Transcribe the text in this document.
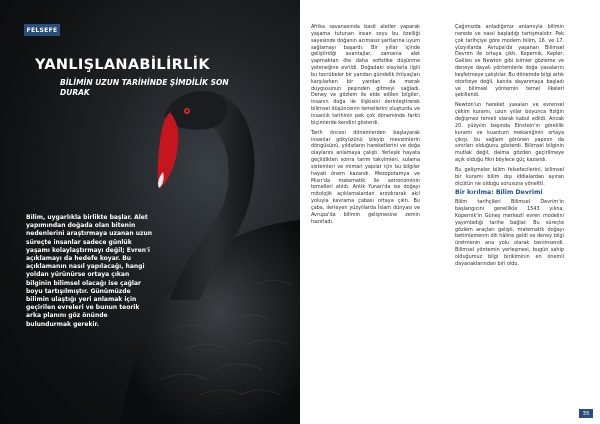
FELSEFE
YANLIŞLANABİLİRLİK
BİLİMİN UZUN TARİHİNDE ŞİMDİLİK SON DURAK
Bilim, uygarlıkla birlikte başlar. Alet yapımından doğada olan bitenin nedenlerini araştırmaya uzanan uzun süreçte insanlar sadece günlük yaşamı kolaylaştırmayı değil; Evren'i açıklamayı da hedefe koyar. Bu açıklamanın nasıl yapılacağı, hangi yoldan yürünürse ortaya çıkan bilginin bilimsel olacağı ise çağlar boyu tartışılmıştır. Günümüzde bilimin ulaştığı yeri anlamak için geçirilen evreleri ve bunun teorik arka planını göz önünde bulundurmak gerekir.

Afrika savanasında basit aletler yaparak yaşama tutunan insan soyu bu özelliği sayesinde doğanın acımasız şartlarına uyum sağlamayı başardı. Bir yıllar içinde geliştirdiği avantajlar, zamanla alet yapmaktan öte daha sofistike düşünme yeteneğine evrildi. Doğadaki olaylarla ilgili bu tecrübeler bir yandan gündelik ihtiyaçları karşılarken bir yandan da merak duygusunun peşinden gitmeyi sağladı. Deney ve gözlem ile elde edilen bilgiler, insanın doğa ile ilişkisini derinleştirerek bilimsel düşüncenin temellerini oluşturdu ve insanlık tarihinin pek çok döneminde farklı biçimlerde kendini gösterdi.

Tarih öncesi dönemlerden başlayarak insanlar gökyüzünü izleyip mevsimlerin döngüsünü, yıldızların hareketlerini ve doğa olaylarını anlamaya çalıştı. Yerleşik hayata geçildikten sonra tarım takvimleri, sulama sistemleri ve mimari yapılar için bu bilgiler hayati önem kazandı. Mezopotamya ve Mısır'da matematik ile astronominin temelleri atıldı. Antik Yunan'da ise doğayı mitolojik açıklamalardan arındırarak akıl yoluyla kavrama çabası ortaya çıktı. Bu çaba, ilerleyen yüzyıllarda İslam dünyası ve Avrupa'da bilimin gelişmesine zemin hazırladı.

Çağımızda anladığımız anlamıyla bilimin nerede ve nasıl başladığı tartışmalıdır. Pek çok tarihçiye göre modern bilim, 16. ve 17. yüzyıllarda Avrupa'da yaşanan Bilimsel Devrim ile ortaya çıktı. Kopernik, Kepler, Galileo ve Newton gibi isimler gözleme ve deneye dayalı yöntemlerle doğa yasalarını keşfetmeye çalıştılar. Bu dönemde bilgi artık otoriteye değil, kanıta dayanmaya başladı ve bilimsel yöntemin temel ilkeleri şekillendi.

Newton'un hareket yasaları ve evrensel çekim kuramı, uzun yıllar boyunca fiziğin değişmez temeli olarak kabul edildi. Ancak 20. yüzyılın başında Einstein'ın görelilik kuramı ve kuantum mekaniğinin ortaya çıkışı, bu sağlam görünen yapının da sınırları olduğunu gösterdi. Bilimsel bilginin mutlak değil, daima gözden geçirilmeye açık olduğu fikri böylece güç kazandı.

Bu gelişmeler bilim felsefecilerini, bilimsel bir kuramı bilim dışı iddialardan ayıran ölçütün ne olduğu sorusuna yöneltti.

Bir kırılma: Bilim Devrimi

Bilim tarihçileri Bilimsel Devrim'in başlangıcını genellikle 1543 yılına, Kopernik'in Güneş merkezli evren modelini yayımladığı tarihe bağlar. Bu süreçte gözlem araçları gelişti, matematik doğayı betimlemenin dili hâline geldi ve deney bilgi üretmenin ana yolu olarak benimsendi. Bilimsel yöntemin yerleşmesi, bugün sahip olduğumuz bilgi birikiminin en önemli dayanaklarından biri oldu.

35
